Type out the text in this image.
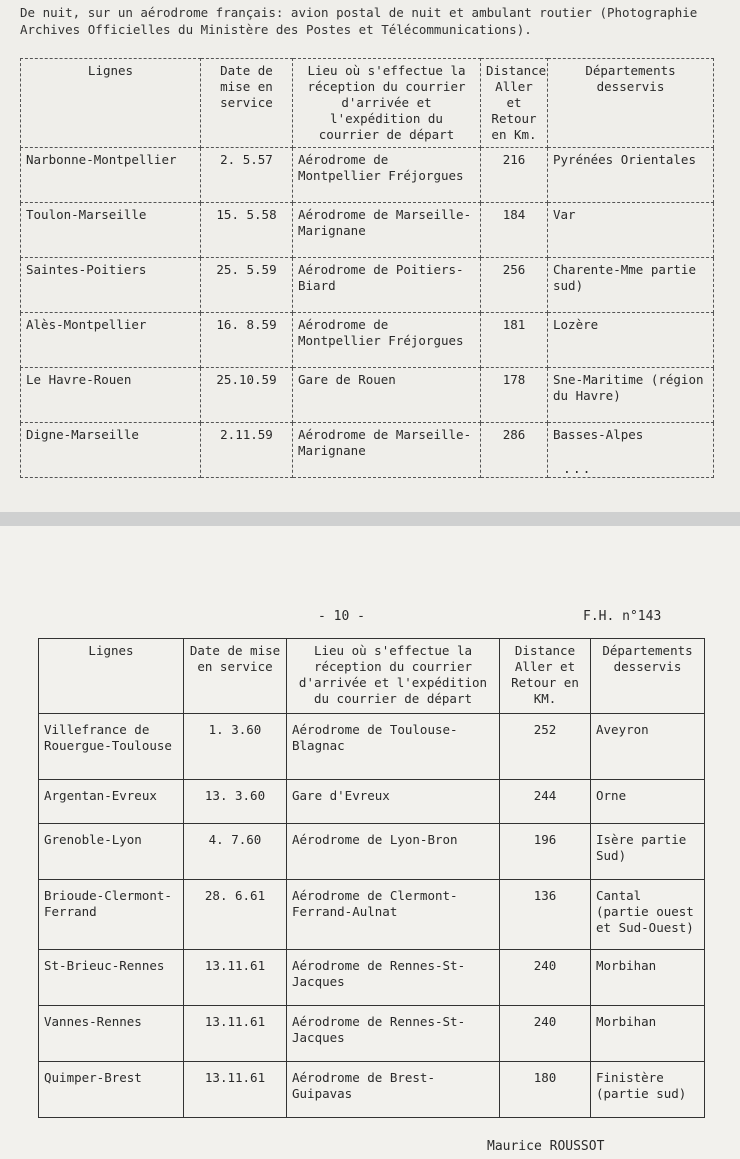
De nuit, sur un aérodrome français: avion postal de nuit et ambulant routier (Photographie
Archives Officielles du Ministère des Postes et Télécommunications).
Lignes	Date de mise en service	Lieu où s'effectue la réception du courrier d'arrivée et l'expédition du courrier de départ	Distance Aller et Retour en Km.	Départements desservis
Narbonne-Montpellier	2. 5.57	Aérodrome de Montpellier Fréjorgues	216	Pyrénées Orientales
Toulon-Marseille	15. 5.58	Aérodrome de Marseille-Marignane	184	Var
Saintes-Poitiers	25. 5.59	Aérodrome de Poitiers-Biard	256	Charente-Mme partie sud)
Alès-Montpellier	16. 8.59	Aérodrome de Montpellier Fréjorgues	181	Lozère
Le Havre-Rouen	25.10.59	Gare de Rouen	178	Sne-Maritime (région du Havre)
Digne-Marseille	2.11.59	Aérodrome de Marseille-Marignane	286	Basses-Alpes
...
- 10 -	F.H. n°143
Lignes	Date de mise en service	Lieu où s'effectue la réception du courrier d'arrivée et l'expédition du courrier de départ	Distance Aller et Retour en KM.	Départements desservis
Villefrance de Rouergue-Toulouse	1. 3.60	Aérodrome de Toulouse-Blagnac	252	Aveyron
Argentan-Evreux	13. 3.60	Gare d'Evreux	244	Orne
Grenoble-Lyon	4. 7.60	Aérodrome de Lyon-Bron	196	Isère partie Sud)
Brioude-Clermont-Ferrand	28. 6.61	Aérodrome de Clermont-Ferrand-Aulnat	136	Cantal (partie ouest et Sud-Ouest)
St-Brieuc-Rennes	13.11.61	Aérodrome de Rennes-St-Jacques	240	Morbihan
Vannes-Rennes	13.11.61	Aérodrome de Rennes-St-Jacques	240	Morbihan
Quimper-Brest	13.11.61	Aérodrome de Brest-Guipavas	180	Finistère (partie sud)
Maurice ROUSSOT
